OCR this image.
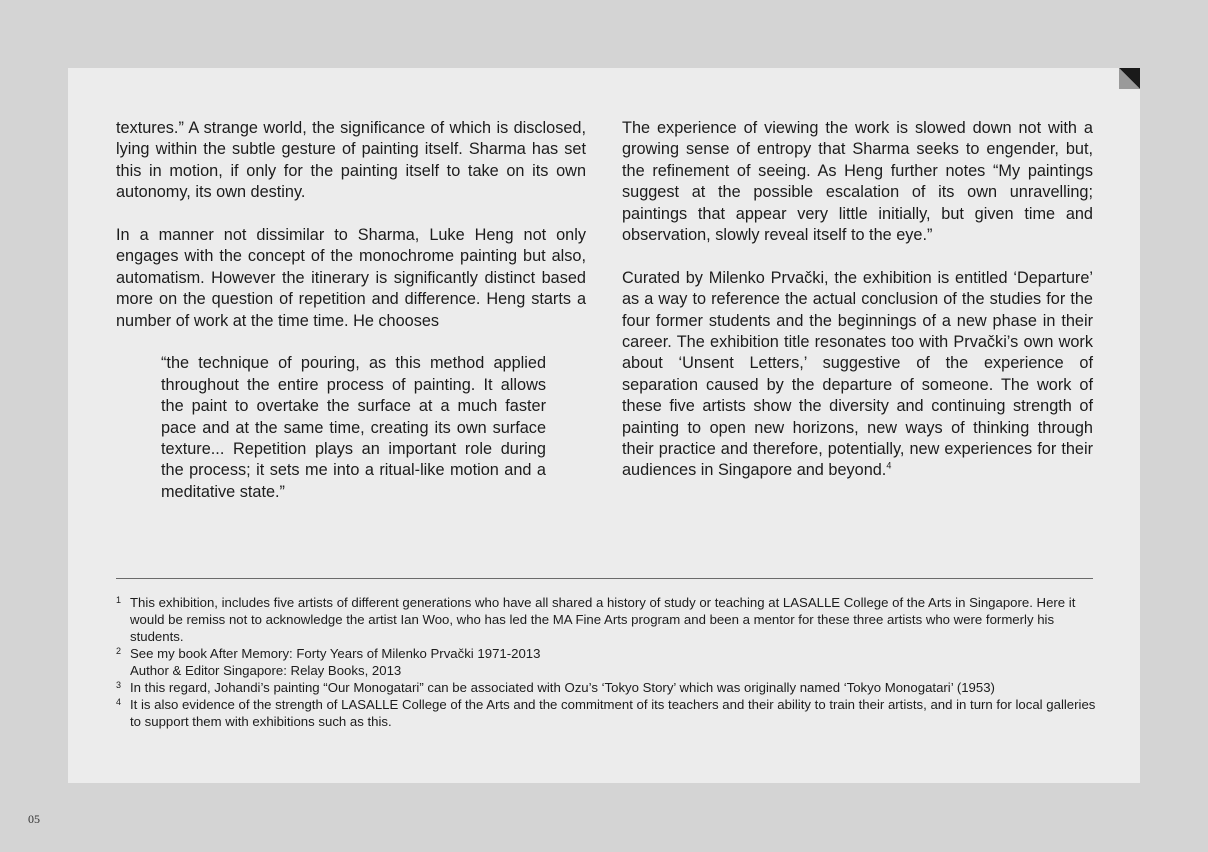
textures.” A strange world, the significance of which is disclosed, lying within the subtle gesture of painting itself. Sharma has set this in motion, if only for the painting itself to take on its own autonomy, its own destiny.

In a manner not dissimilar to Sharma, Luke Heng not only engages with the concept of the monochrome painting but also, automatism. However the itinerary is significantly distinct based more on the question of repetition and difference. Heng starts a number of work at the time time. He chooses

“the technique of pouring, as this method applied throughout the entire process of painting. It allows the paint to overtake the surface at a much faster pace and at the same time, creating its own surface texture... Repetition plays an important role during the process; it sets me into a ritual-like motion and a meditative state.”

The experience of viewing the work is slowed down not with a growing sense of entropy that Sharma seeks to engender, but, the refinement of seeing. As Heng further notes “My paintings suggest at the possible escalation of its own unravelling; paintings that appear very little initially, but given time and observation, slowly reveal itself to the eye.”

Curated by Milenko Prvački, the exhibition is entitled ‘Departure’ as a way to reference the actual conclusion of the studies for the four former students and the beginnings of a new phase in their career. The exhibition title resonates too with Prvački’s own work about ‘Unsent Letters,’ suggestive of the experience of separation caused by the departure of someone. The work of these five artists show the diversity and continuing strength of painting to open new horizons, new ways of thinking through their practice and therefore, potentially, new experiences for their audiences in Singapore and beyond.$^4$

1 This exhibition, includes five artists of different generations who have all shared a history of study or teaching at LASALLE College of the Arts in Singapore. Here it would be remiss not to acknowledge the artist Ian Woo, who has led the MA Fine Arts program and been a mentor for these three artists who were formerly his students.
2 See my book After Memory: Forty Years of Milenko Prvački 1971-2013
Author & Editor Singapore: Relay Books, 2013
3 In this regard, Johandi’s painting “Our Monogatari” can be associated with Ozu’s ‘Tokyo Story’ which was originally named ‘Tokyo Monogatari’ (1953)
4 It is also evidence of the strength of LASALLE College of the Arts and the commitment of its teachers and their ability to train their artists, and in turn for local galleries to support them with exhibitions such as this.
05
